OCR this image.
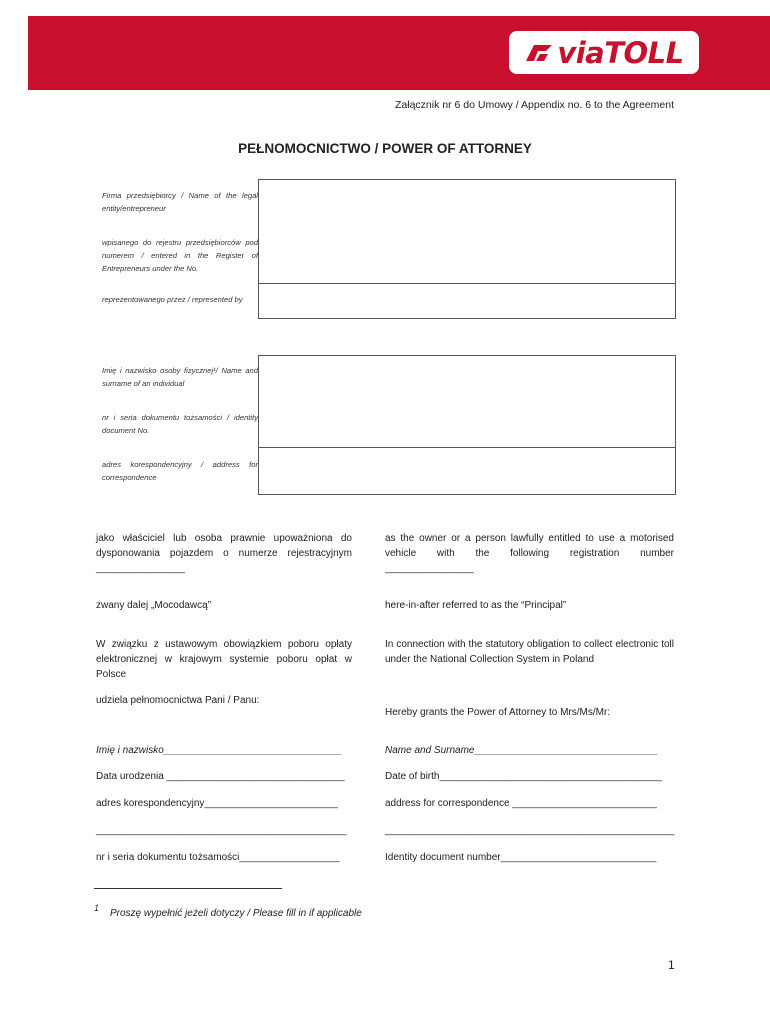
via TOLL
Załącznik nr 6 do Umowy / Appendix no. 6 to the Agreement
PEŁNOMOCNICTWO / POWER OF ATTORNEY
Firma przedsiębiorcy / Name of the legal entity/entrepreneur
wpisanego do rejestru przedsiębiorców pod numerem / entered in the Register of Entrepreneurs under the No.
reprezentowanego przez / represented by
Imię i nazwisko osoby fizycznej¹/ Name and surname of an individual
nr i seria dokumentu tożsamości / identity document No.
adres korespondencyjny / address for correspondence
jako właściciel lub osoba prawnie upoważniona do dysponowania pojazdem o numerze rejestracyjnym ________________
as the owner or a person lawfully entitled to use a motorised vehicle with the following registration number ________________
zwany dalej „Mocodawcą”	here-in-after referred to as the “Principal”
W związku z ustawowym obowiązkiem poboru opłaty elektronicznej w krajowym systemie poboru opłat w Polsce
In connection with the statutory obligation to collect electronic toll under the National Collection System in Poland
udziela pełnomocnictwa Pani / Panu:
Hereby grants the Power of Attorney to Mrs/Ms/Mr:
Imię i nazwisko________________________________	Name and Surname_________________________________
Data urodzenia ________________________________	Date of birth________________________________________
adres korespondencyjny________________________	address for correspondence __________________________
_____________________________________________	____________________________________________________
nr i seria dokumentu tożsamości__________________	Identity document number____________________________
1 Proszę wypełnić jeżeli dotyczy / Please fill in if applicable
1
